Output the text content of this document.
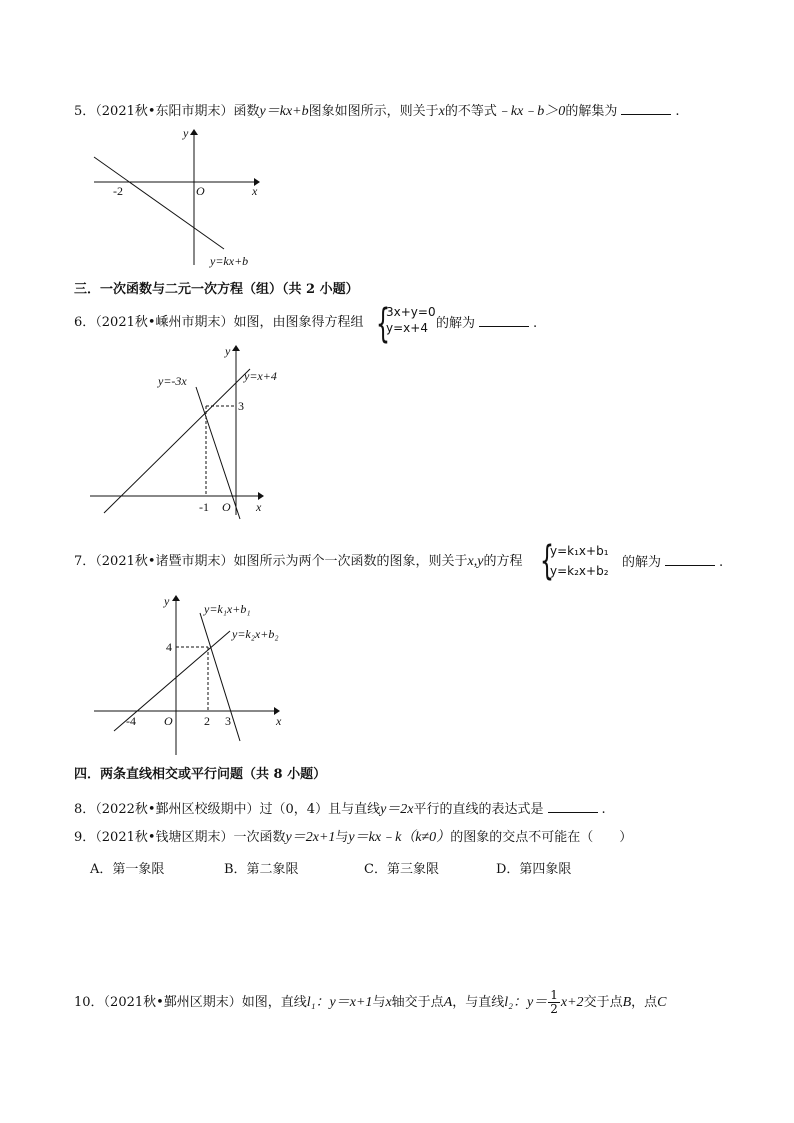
5．（2021秋•东阳市期末）函数y＝kx+b图象如图所示，则关于x的不等式﹣kx﹣b＞0的解集为	.
y
x
O
-2
y=kx+b
三．一次函数与二元一次方程（组）（共 2 小题）
6．（2021秋•嵊州市期末）如图，由图象得方程组 {
3x+y=0
y=x+4 的解为	.
y
x
O
y=-3x	y=x+4
3
-1
7．（2021秋•诸暨市期末）如图所示为两个一次函数的图象，则关于x,y的方程 {
y=k₁x+b₁
y=k₂x+b₂
的解为	.
y
x
O
y=k₁x+b₁
y=k₂x+b₂
4
-4	2 3
四．两条直线相交或平行问题（共 8 小题）
8．（2022秋•鄞州区校级期中）过（0，4）且与直线y＝2x平行的直线的表达式是	.
9．（2021秋•钱塘区期末）一次函数y＝2x+1与y＝kx﹣k（k≠0）的图象的交点不可能在（　　）
A．第一象限	B．第二象限	C．第三象限	D．第四象限
10．（2021秋•鄞州区期末）如图，直线l₁：y＝x+1与x轴交于点A，与直线l₂：$y= \frac{1}{2} x+2$交于点B，点C
